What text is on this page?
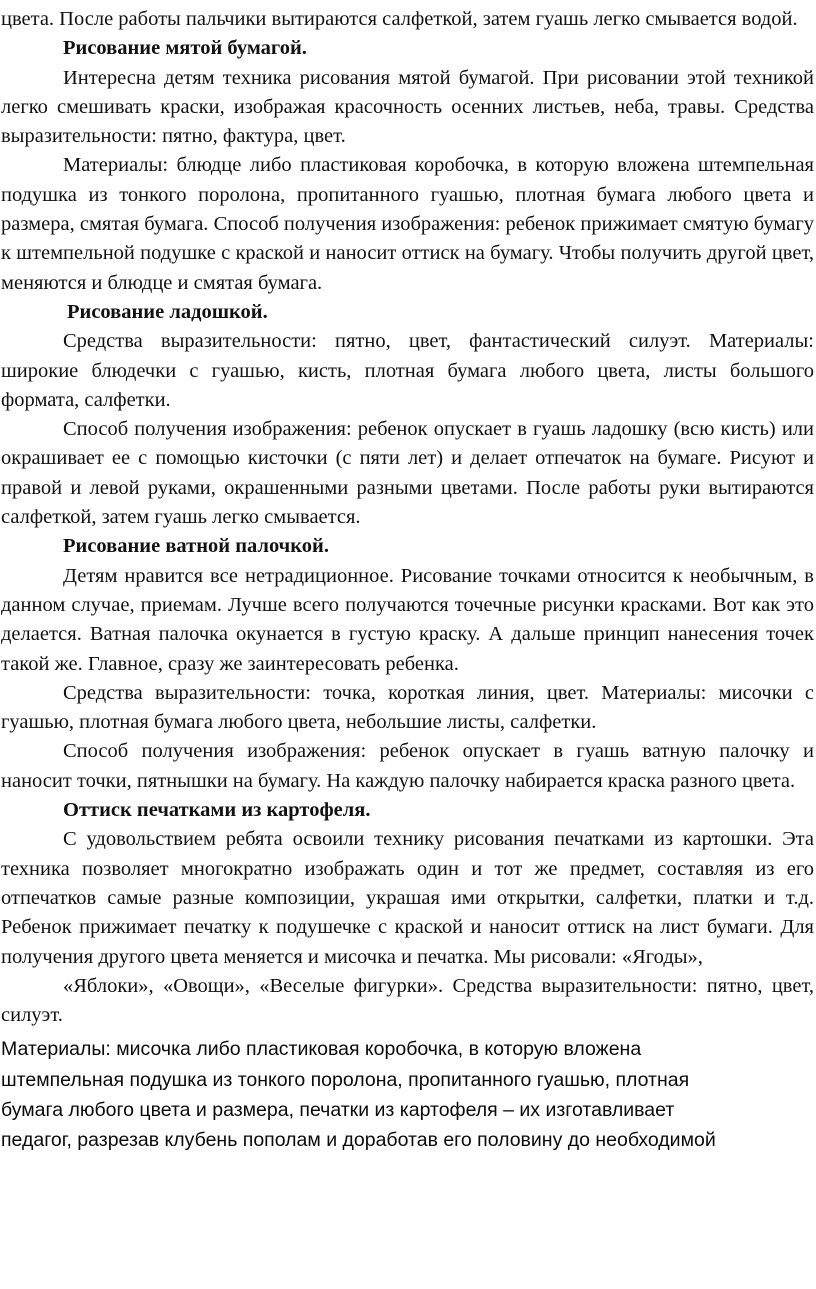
цвета. После работы пальчики вытираются салфеткой, затем гуашь легко смывается водой.

Рисование мятой бумагой.

Интересна детям техника рисования мятой бумагой. При рисовании этой техникой легко смешивать краски, изображая красочность осенних листьев, неба, травы. Средства выразительности: пятно, фактура, цвет.

Материалы: блюдце либо пластиковая коробочка, в которую вложена штемпельная подушка из тонкого поролона, пропитанного гуашью, плотная бумага любого цвета и размера, смятая бумага. Способ получения изображения: ребенок прижимает смятую бумагу к штемпельной подушке с краской и наносит оттиск на бумагу. Чтобы получить другой цвет, меняются и блюдце и смятая бумага.

Рисование ладошкой.

Средства выразительности: пятно, цвет, фантастический силуэт. Материалы: широкие блюдечки с гуашью, кисть, плотная бумага любого цвета, листы большого формата, салфетки.

Способ получения изображения: ребенок опускает в гуашь ладошку (всю кисть) или окрашивает ее с помощью кисточки (с пяти лет) и делает отпечаток на бумаге. Рисуют и правой и левой руками, окрашенными разными цветами. После работы руки вытираются салфеткой, затем гуашь легко смывается.

Рисование ватной палочкой.

Детям нравится все нетрадиционное. Рисование точками относится к необычным, в данном случае, приемам. Лучше всего получаются точечные рисунки красками. Вот как это делается. Ватная палочка окунается в густую краску. А дальше принцип нанесения точек такой же. Главное, сразу же заинтересовать ребенка.

Средства выразительности: точка, короткая линия, цвет. Материалы: мисочки с гуашью, плотная бумага любого цвета, небольшие листы, салфетки.

Способ получения изображения: ребенок опускает в гуашь ватную палочку и наносит точки, пятнышки на бумагу. На каждую палочку набирается краска разного цвета.

Оттиск печатками из картофеля.

С удовольствием ребята освоили технику рисования печатками из картошки. Эта техника позволяет многократно изображать один и тот же предмет, составляя из его отпечатков самые разные композиции, украшая ими открытки, салфетки, платки и т.д. Ребенок прижимает печатку к подушечке с краской и наносит оттиск на лист бумаги. Для получения другого цвета меняется и мисочка и печатка. Мы рисовали: «Ягоды»,

«Яблоки», «Овощи», «Веселые фигурки». Средства выразительности: пятно, цвет, силуэт.

Материалы: мисочка либо пластиковая коробочка, в которую вложена

штемпельная подушка из тонкого поролона, пропитанного гуашью, плотная

бумага любого цвета и размера, печатки из картофеля – их изготавливает

педагог, разрезав клубень пополам и доработав его половину до необходимой
